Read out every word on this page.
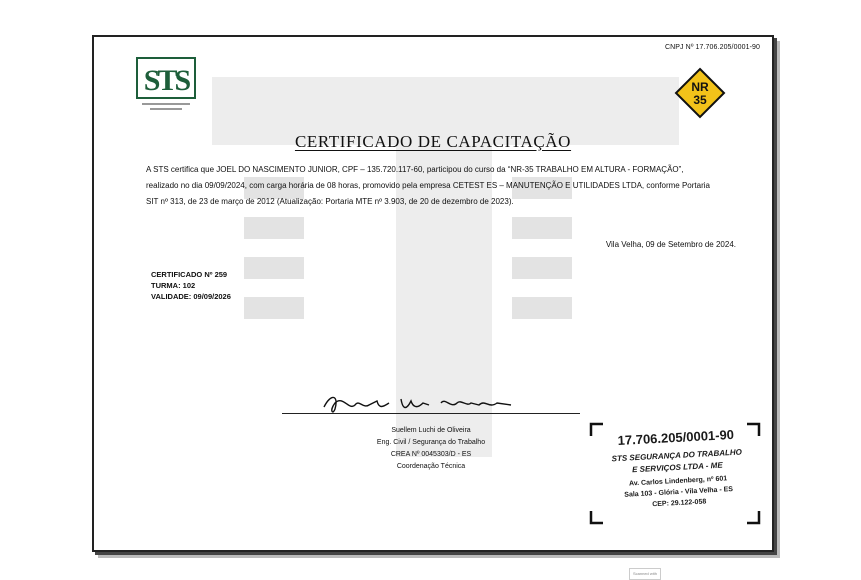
CNPJ Nº 17.706.205/0001-90
STS	NR
35
CERTIFICADO DE CAPACITAÇÃO
A STS certifica que JOEL DO NASCIMENTO JUNIOR, CPF – 135.720.117-60, participou do curso da “NR-35 TRABALHO EM ALTURA - FORMAÇÃO”,
realizado no dia 09/09/2024, com carga horária de 08 horas, promovido pela empresa CETEST ES – MANUTENÇÃO E UTILIDADES LTDA, conforme Portaria
SIT nº 313, de 23 de março de 2012 (Atualização: Portaria MTE nº 3.903, de 20 de dezembro de 2023).
Vila Velha, 09 de Setembro de 2024.
CERTIFICADO Nº 259
TURMA: 102
VALIDADE: 09/09/2026
Suellem Luchi de Oliveira
Eng. Civil / Segurança do Trabalho
CREA Nº 0045303/D - ES
Coordenação Técnica
17.706.205/0001-90
STS SEGURANÇA DO TRABALHO
E SERVIÇOS LTDA - ME
Av. Carlos Lindenberg, nº 601
Sala 103 - Glória - Vila Velha - ES
CEP: 29.122-058
Scanned with
